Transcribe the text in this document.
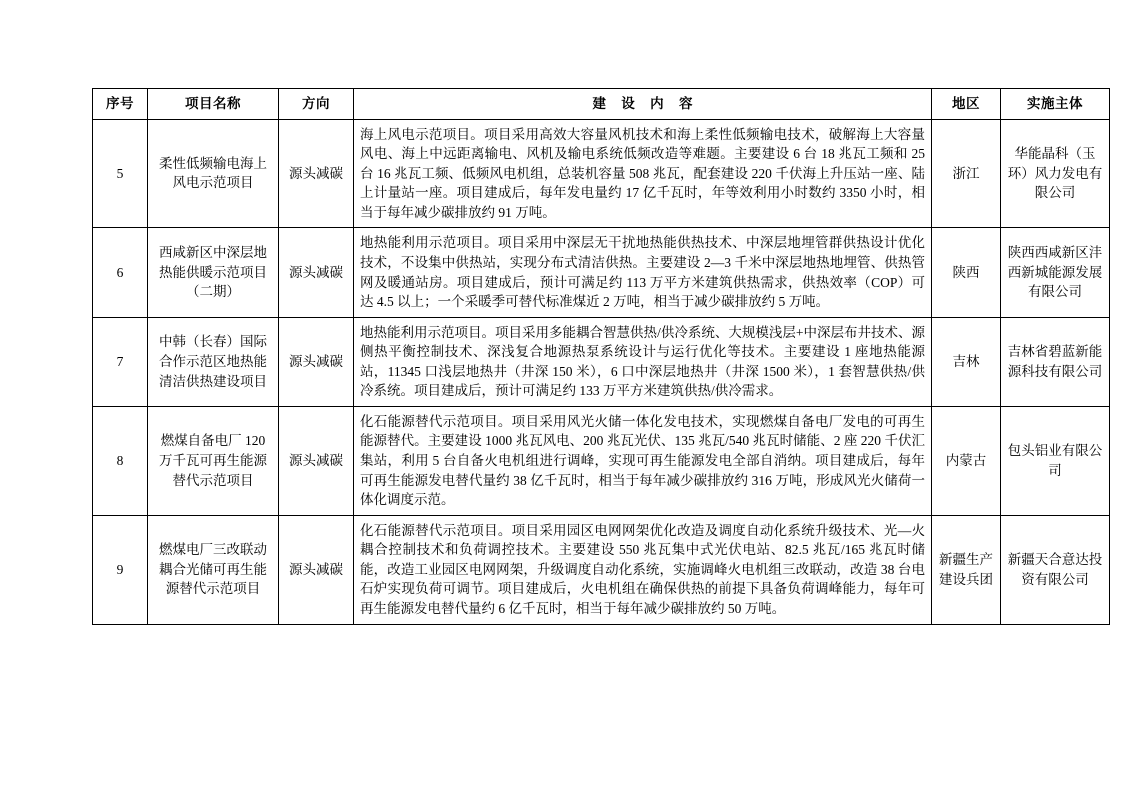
序号	项目名称	方向	建 设 内 容	地区	实施主体
5	柔性低频输电海上风电示范项目	源头减碳	海上风电示范项目。项目采用高效大容量风机技术和海上柔性低频输电技术，破解海上大容量风电、海上中远距离输电、风机及输电系统低频改造等难题。主要建设 6 台 18 兆瓦工频和 25 台 16 兆瓦工频、低频风电机组，总装机容量 508 兆瓦，配套建设 220 千伏海上升压站一座、陆上计量站一座。项目建成后，每年发电量约 17 亿千瓦时，年等效利用小时数约 3350 小时，相当于每年减少碳排放约 91 万吨。	浙江	华能晶科（玉环）风力发电有限公司
6	西咸新区中深层地热能供暖示范项目（二期）	源头减碳	地热能利用示范项目。项目采用中深层无干扰地热能供热技术、中深层地埋管群供热设计优化技术，不设集中供热站，实现分布式清洁供热。主要建设 2—3 千米中深层地热地埋管、供热管网及暖通站房。项目建成后，预计可满足约 113 万平方米建筑供热需求，供热效率（COP）可达 4.5 以上；一个采暖季可替代标准煤近 2 万吨，相当于减少碳排放约 5 万吨。	陕西	陕西西咸新区沣西新城能源发展有限公司
7	中韩（长春）国际合作示范区地热能清洁供热建设项目	源头减碳	地热能利用示范项目。项目采用多能耦合智慧供热/供冷系统、大规模浅层+中深层布井技术、源侧热平衡控制技术、深浅复合地源热泵系统设计与运行优化等技术。主要建设 1 座地热能源站，11345 口浅层地热井（井深 150 米），6 口中深层地热井（井深 1500 米），1 套智慧供热/供冷系统。项目建成后，预计可满足约 133 万平方米建筑供热/供冷需求。	吉林	吉林省碧蓝新能源科技有限公司
8	燃煤自备电厂 120 万千瓦可再生能源替代示范项目	源头减碳	化石能源替代示范项目。项目采用风光火储一体化发电技术，实现燃煤自备电厂发电的可再生能源替代。主要建设 1000 兆瓦风电、200 兆瓦光伏、135 兆瓦/540 兆瓦时储能、2 座 220 千伏汇集站，利用 5 台自备火电机组进行调峰，实现可再生能源发电全部自消纳。项目建成后，每年可再生能源发电替代量约 38 亿千瓦时，相当于每年减少碳排放约 316 万吨，形成风光火储荷一体化调度示范。	内蒙古	包头铝业有限公司
9	燃煤电厂三改联动耦合光储可再生能源替代示范项目	源头减碳	化石能源替代示范项目。项目采用园区电网网架优化改造及调度自动化系统升级技术、光—火耦合控制技术和负荷调控技术。主要建设 550 兆瓦集中式光伏电站、82.5 兆瓦/165 兆瓦时储能，改造工业园区电网网架，升级调度自动化系统，实施调峰火电机组三改联动，改造 38 台电石炉实现负荷可调节。项目建成后，火电机组在确保供热的前提下具备负荷调峰能力，每年可再生能源发电替代量约 6 亿千瓦时，相当于每年减少碳排放约 50 万吨。	新疆生产建设兵团	新疆天合意达投资有限公司
